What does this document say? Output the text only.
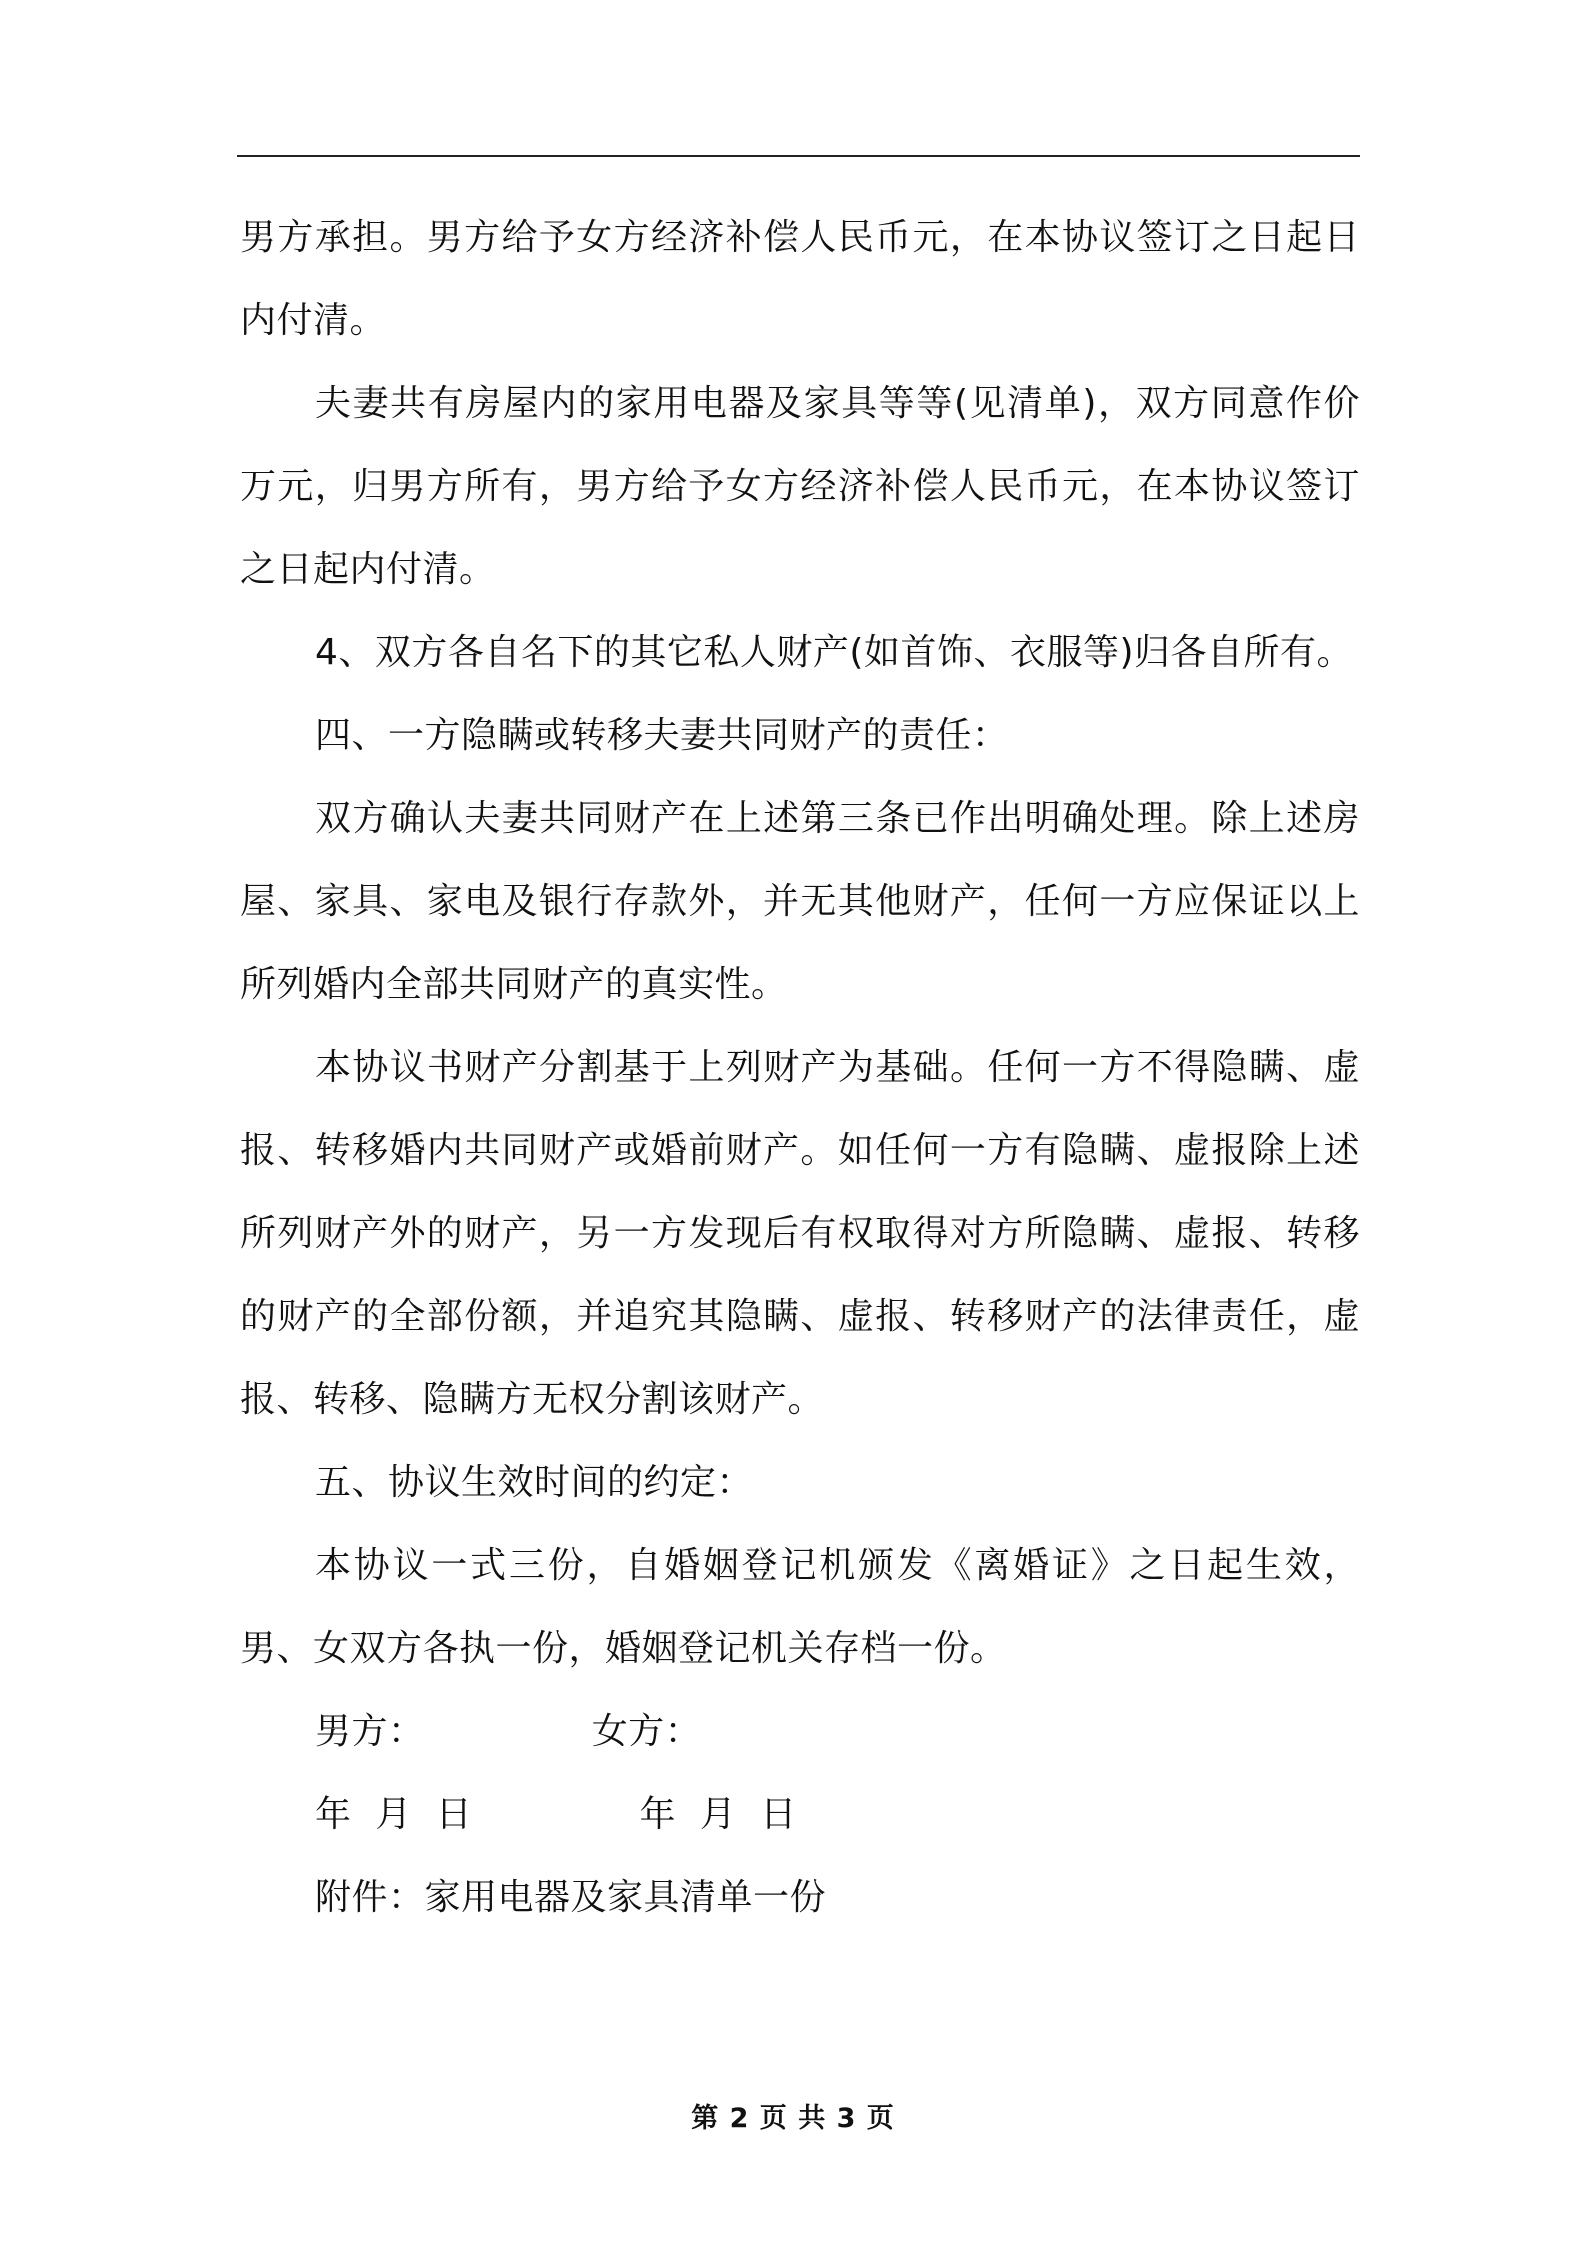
男方承担。男方给予女方经济补偿人民币元，在本协议签订之日起日内付清。

夫妻共有房屋内的家用电器及家具等等(见清单)，双方同意作价万元，归男方所有，男方给予女方经济补偿人民币元，在本协议签订之日起内付清。

4、双方各自名下的其它私人财产(如首饰、衣服等)归各自所有。

四、一方隐瞒或转移夫妻共同财产的责任：

双方确认夫妻共同财产在上述第三条已作出明确处理。除上述房屋、家具、家电及银行存款外，并无其他财产，任何一方应保证以上所列婚内全部共同财产的真实性。

本协议书财产分割基于上列财产为基础。任何一方不得隐瞒、虚报、转移婚内共同财产或婚前财产。如任何一方有隐瞒、虚报除上述所列财产外的财产，另一方发现后有权取得对方所隐瞒、虚报、转移的财产的全部份额，并追究其隐瞒、虚报、转移财产的法律责任，虚报、转移、隐瞒方无权分割该财产。

五、协议生效时间的约定：

本协议一式三份，自婚姻登记机颁发《离婚证》之日起生效，男、女双方各执一份，婚姻登记机关存档一份。

男方：              女方：

年  月  日              年  月  日

附件：家用电器及家具清单一份

第 2 页 共 3 页
